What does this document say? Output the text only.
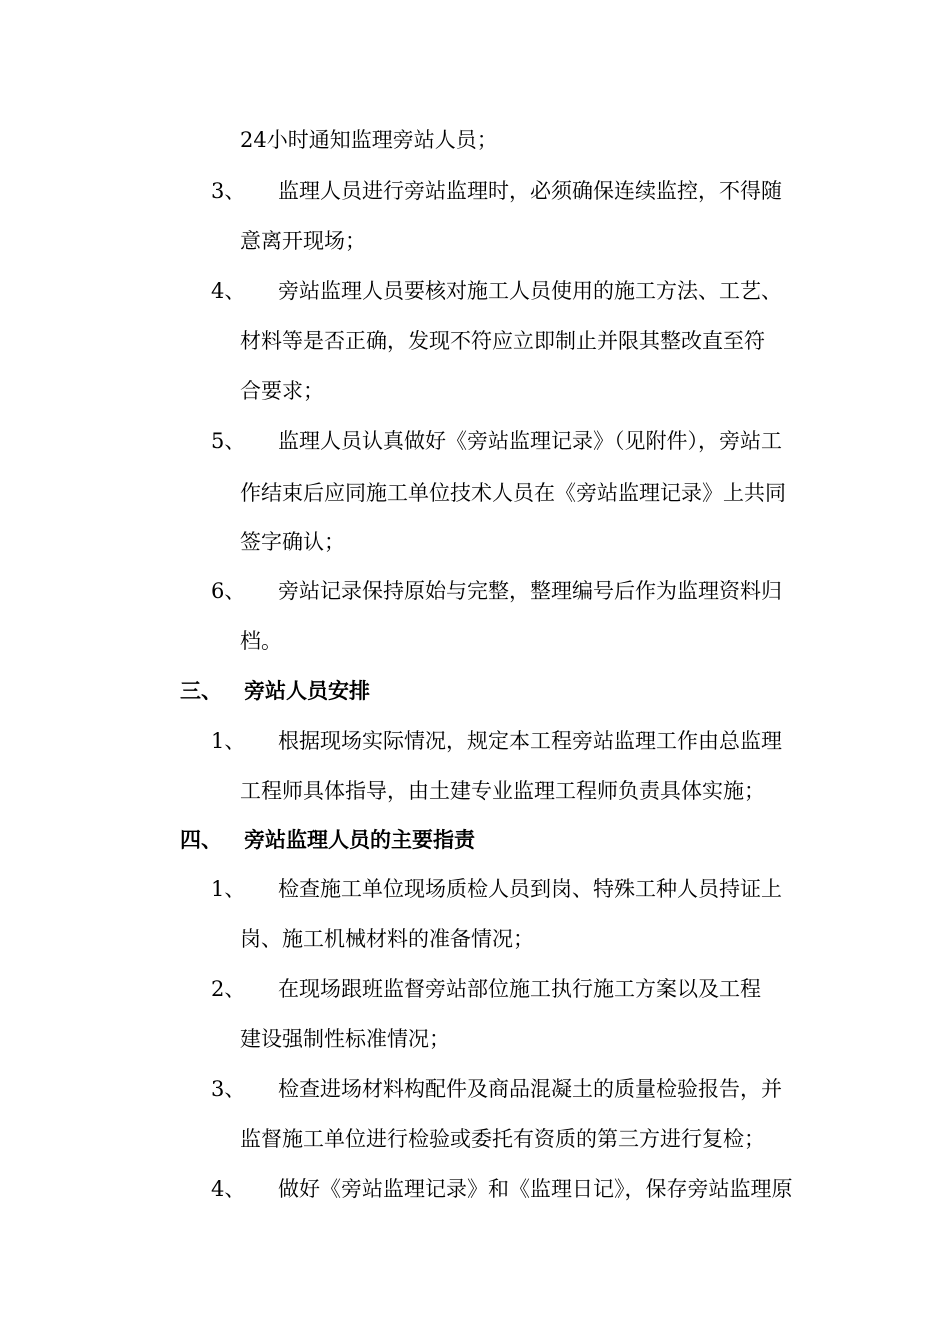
24小时通知监理旁站人员；
3、 监理人员进行旁站监理时，必须确保连续监控，不得随
意离开现场；
4、 旁站监理人员要核对施工人员使用的施工方法、工艺、
材料等是否正确，发现不符应立即制止并限其整改直至符
合要求；
5、 监理人员认真做好《旁站监理记录》（见附件），旁站工
作结束后应同施工单位技术人员在《旁站监理记录》上共同
签字确认；
6、 旁站记录保持原始与完整，整理编号后作为监理资料归
档。
三、 旁站人员安排
1、 根据现场实际情况，规定本工程旁站监理工作由总监理
工程师具体指导，由土建专业监理工程师负责具体实施；
四、 旁站监理人员的主要指责
1、 检查施工单位现场质检人员到岗、特殊工种人员持证上
岗、施工机械材料的准备情况；
2、 在现场跟班监督旁站部位施工执行施工方案以及工程
建设强制性标准情况；
3、 检查进场材料构配件及商品混凝土的质量检验报告，并
监督施工单位进行检验或委托有资质的第三方进行复检；
4、 做好《旁站监理记录》和《监理日记》，保存旁站监理原
